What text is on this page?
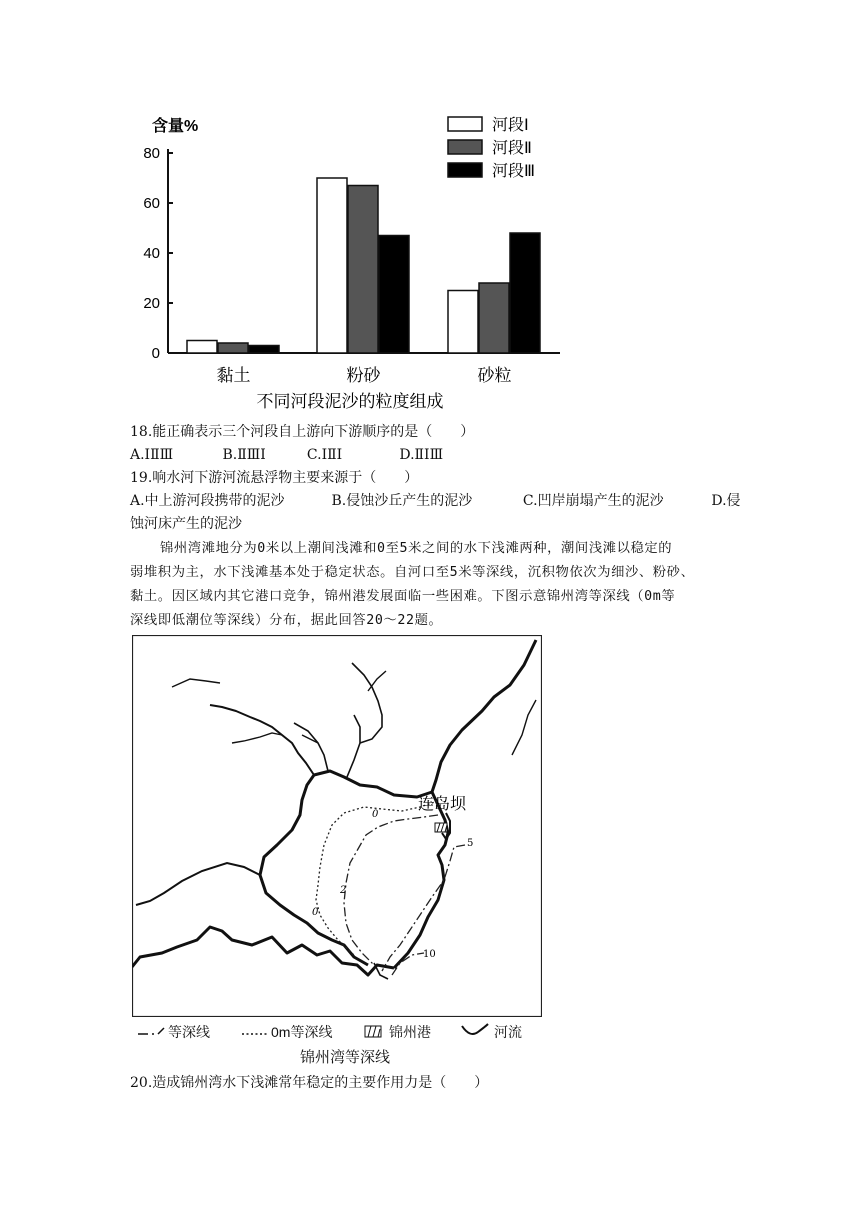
0
20
40
60
80
含量%
黏土	粉砂	砂粒
河段Ⅰ
河段Ⅱ
河段Ⅲ
不同河段泥沙的粒度组成
18.能正确表示三个河段自上游向下游顺序的是（　　）
A.ⅠⅡⅢ	B.ⅡⅢⅠ	C.ⅠⅡⅠ	D.ⅡⅠⅢ
19.响水河下游河流悬浮物主要来源于（　　）
A.中上游河段携带的泥沙	B.侵蚀沙丘产生的泥沙	C.凹岸崩塌产生的泥沙	D.侵
蚀河床产生的泥沙
锦州湾滩地分为0米以上潮间浅滩和0至5米之间的水下浅滩两种，潮间浅滩以稳定的
弱堆积为主，水下浅滩基本处于稳定状态。自河口至5米等深线，沉积物依次为细沙、粉砂、
黏土。因区域内其它港口竞争，锦州港发展面临一些困难。下图示意锦州湾等深线（0m等
深线即低潮位等深线）分布，据此回答20～22题。
连岛坝
0
0
2
5
10
等深线	0m等深线	锦州港	河流
锦州湾等深线
20.造成锦州湾水下浅滩常年稳定的主要作用力是（　　）
